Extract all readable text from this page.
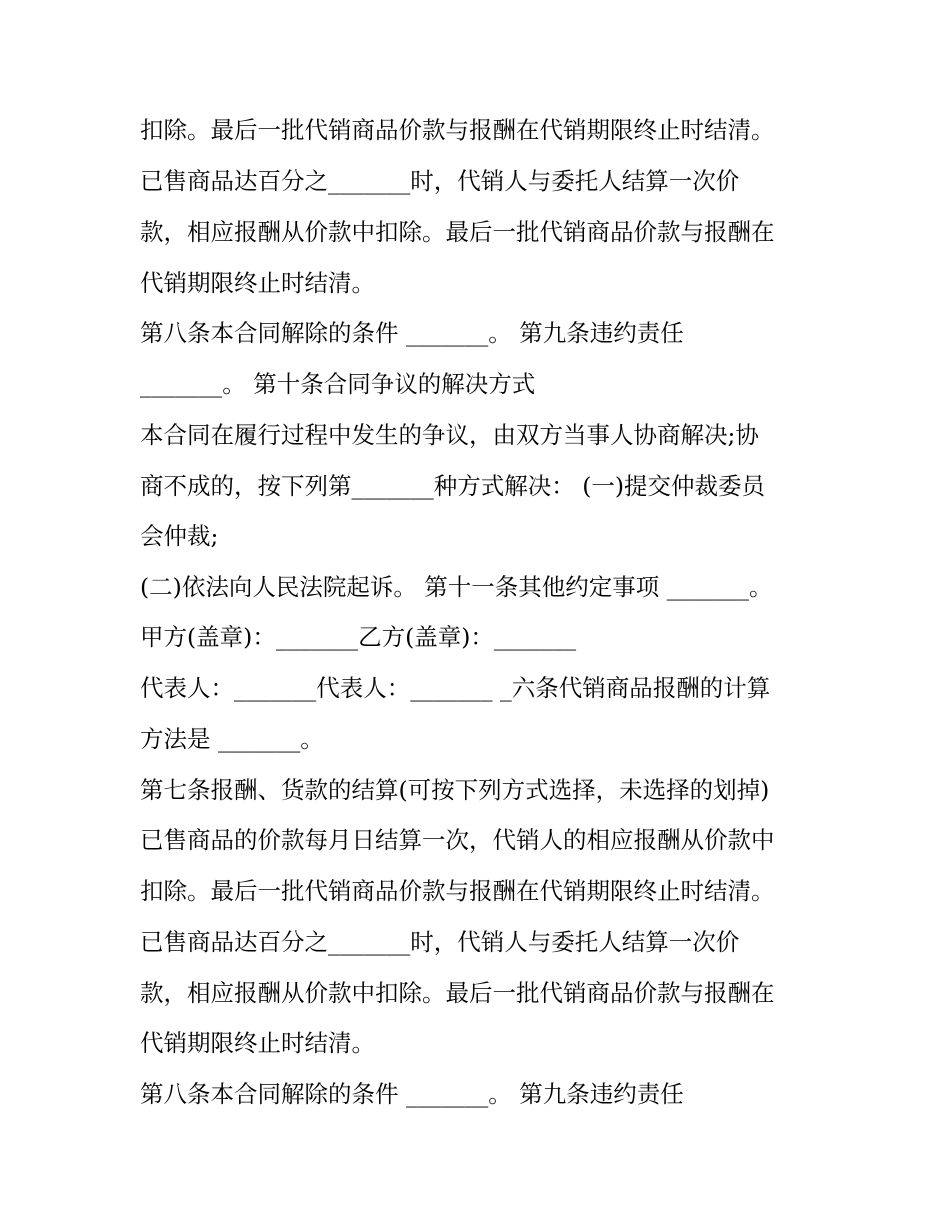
扣除。最后一批代销商品价款与报酬在代销期限终止时结清。
已售商品达百分之_______时，代销人与委托人结算一次价
款，相应报酬从价款中扣除。最后一批代销商品价款与报酬在
代销期限终止时结清。
第八条本合同解除的条件 _______。 第九条违约责任
_______。 第十条合同争议的解决方式
本合同在履行过程中发生的争议，由双方当事人协商解决;协
商不成的，按下列第_______种方式解决： (一)提交仲裁委员
会仲裁;
(二)依法向人民法院起诉。 第十一条其他约定事项 _______。
甲方(盖章)：_______乙方(盖章)：_______
代表人：_______代表人：_______ _六条代销商品报酬的计算
方法是 _______。
第七条报酬、货款的结算(可按下列方式选择，未选择的划掉)
已售商品的价款每月日结算一次，代销人的相应报酬从价款中
扣除。最后一批代销商品价款与报酬在代销期限终止时结清。
已售商品达百分之_______时，代销人与委托人结算一次价
款，相应报酬从价款中扣除。最后一批代销商品价款与报酬在
代销期限终止时结清。
第八条本合同解除的条件 _______。 第九条违约责任
